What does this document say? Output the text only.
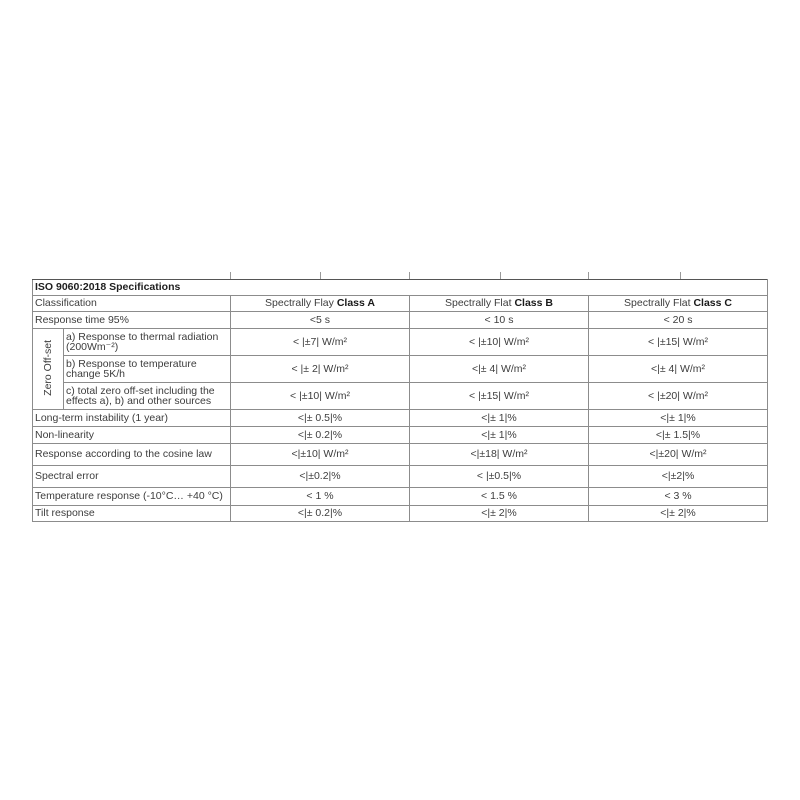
ISO 9060:2018 Specifications				
Classification		Spectrally Flay Class A	Spectrally Flat Class B	Spectrally Flat Class C
Response time 95%		<5 s	< 10 s	< 20 s
Zero Off-set	a) Response to thermal radiation (200Wm⁻²)	< |±7| W/m²	< |±10| W/m²	< |±15| W/m²
	b) Response to temperature change 5K/h	< |± 2| W/m²	<|± 4| W/m²	<|± 4| W/m²
	c) total zero off-set including the effects a), b) and other sources	< |±10| W/m²	< |±15| W/m²	< |±20| W/m²
Long-term instability (1 year)		<|± 0.5|%	<|± 1|%	<|± 1|%
Non-linearity		<|± 0.2|%	<|± 1|%	<|± 1.5|%
Response according to the cosine law		<|±10| W/m²	<|±18| W/m²	<|±20| W/m²
Spectral error		<|±0.2|%	< |±0.5|%	<|±2|%
Temperature response (-10°C… +40 °C)		< 1 %	< 1.5 %	< 3 %
Tilt response		<|± 0.2|%	<|± 2|%	<|± 2|%
